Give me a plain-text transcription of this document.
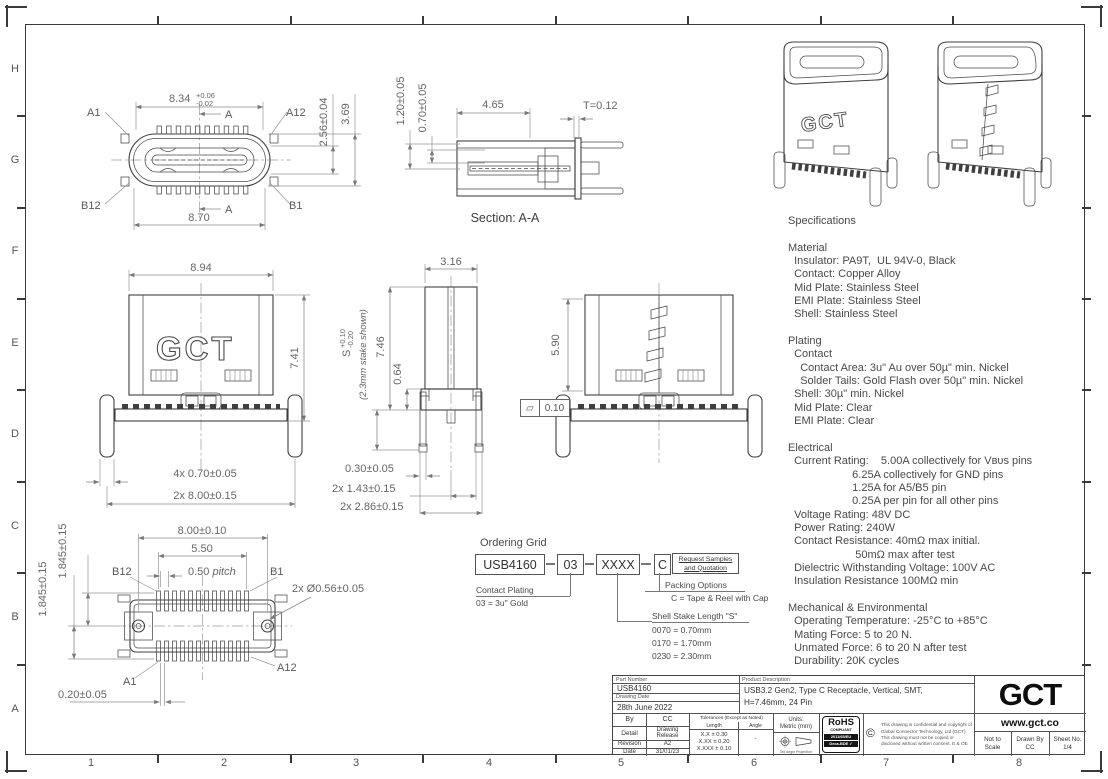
H
G
F
E
D
C
B
A
1	2	3	4	5	6	7	8
8.34 +0.06
-0.02
A
A
A1	A12
B12	B1
8.70
2.56±0.04 3.69	4.65	T=0.12
1.20±0.05 0.70±0.05
Section: A-A
GCT
GCT
8.94
7.41
4x 0.70±0.05
2x 8.00±0.15
3.16
S
+0.10 -0.20 (2.3mm stake shown) 7.46
0.64
0.30±0.05
2x 1.43±0.15
2x 2.86±0.15
5.90
8.00±0.10
5.50
0.50 pitch
B12	B1
A1
A12
2x Ø0.56±0.05
1.845±0.15
1.845±0.15
0.20±0.05
▱	0.10
Ordering Grid
USB4160 03 XXXX C	Request Samples
and Quotation
Contact Plating
03 = 3u" Gold
Packing Options
C = Tape & Reel with Cap
Shell Stake Length "S"
0070 = 0.70mm
0170 = 1.70mm
0230 = 2.30mm
Specifications
Material
Insulator: PA9T,  UL 94V-0, Black
Contact: Copper Alloy
Mid Plate: Stainless Steel
EMI Plate: Stainless Steel
Shell: Stainless Steel
Plating
Contact
Contact Area: 3u" Au over 50µ" min. Nickel
Solder Tails: Gold Flash over 50µ" min. Nickel
Shell: 30µ" min. Nickel
Mid Plate: Clear
EMI Plate: Clear
Electrical
Current Rating:    5.00A collectively for Vʙᴜs pins
6.25A collectively for GND pins
1.25A for A5/B5 pin
0.25A per pin for all other pins
Voltage Rating: 48V DC
Power Rating: 240W
Contact Resistance: 40mΩ max initial.
50mΩ max after test
Dielectric Withstanding Voltage: 100V AC
Insulation Resistance 100MΩ min
Mechanical & Environmental
Operating Temperature: -25°C to +85°C
Mating Force: 5 to 20 N.
Unmated Force: 6 to 20 N after test
Durability: 20K cycles
Part Number
USB4160
Drawing Date
28th June 2022
By	CC
Detail	Drawing
Release
Revision	A2
Date	31/01/23
Tolerances (Except as Noted)
Length	Angle
X.X ± 0.30
X.XX ± 0.20
X.XXX ± 0.10
-
Units:
Metric (mm)
3rd Angle Projection
RoHS
COMPLIANT
2011/65/EU
Deca-BDE ✓
©
This drawing is confidential and copyright of Global Connector Technology, Ltd (GCT). This drawing must not be copied or disclosed without written consent. E & OE
Product Description
USB3.2 Gen2, Type C Receptacle, Vertical, SMT,
H=7.46mm, 24 Pin	GCT
www.gct.co
Not to
Scale
Drawn By
CC
Sheet No.
1/4
